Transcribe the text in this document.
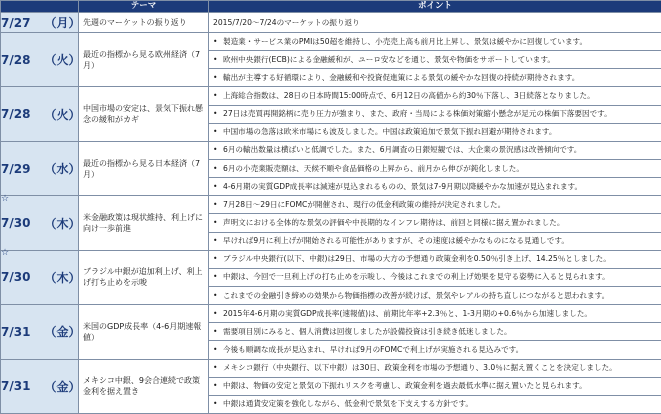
	テーマ	ポイント

7/27 （月）	先週のマーケットの振り返り	2015/7/20～7/24のマーケットの振り返り

7/28 （火）	最近の指標から見る欧州経済（7月）	• 製造業・サービス業のPMIは50超を維持し、小売売上高も前月比上昇し、景気は緩やかに回復しています。
		• 欧州中央銀行(ECB)による金融緩和が、ユーロ安などを通じ、景気や物価をサポートしています。
		• 輸出が主導する好循環により、金融緩和や投資促進策による景気の緩やかな回復の持続が期待されます。

7/28 （火）	中国市場の安定は、景気下振れ懸念の緩和がカギ	• 上海総合指数は、28日の日本時間15:00時点で、6月12日の高値から約30％下落し、3日続落となりました。
		• 27日は売買再開銘柄に売り圧力が強まり、また、政府・当局による株価対策縮小懸念が足元の株価下落要因です。
		• 中国市場の急落は欧米市場にも波及しました。中国は政策追加で景気下振れ回避が期待されます。

7/29 （水）	最近の指標から見る日本経済（7月）	• 6月の輸出数量は横ばいと低調でした。また、6月調査の日銀短観では、大企業の景況感は改善傾向です。
		• 6月の小売業販売額は、天候不順や食品価格の上昇から、前月から伸びが鈍化しました。
		• 4-6月期の実質GDP成長率は減速が見込まれるものの、景気は7-9月期以降緩やかな加速が見込まれます。

☆
7/30 （木）	米金融政策は現状維持、利上げに向け一歩前進	• 7月28日～29日にFOMCが開催され、現行の低金利政策の維持が決定されました。
		• 声明文における全体的な景気の評価や中長期的なインフレ期待は、前回と同様に据え置かれました。
		• 早ければ9月に利上げが開始される可能性がありますが、その速度は緩やかなものになる見通しです。

☆
7/30 （木）	ブラジル中銀が追加利上げ、利上げ打ち止めを示唆	• ブラジル中央銀行(以下、中銀)は29日、市場の大方の予想通り政策金利を0.50％引き上げ、14.25％としました。
		• 中銀は、今回で一旦利上げの打ち止めを示唆し、今後はこれまでの利上げ効果を見守る姿勢に入ると見られます。
		• これまでの金融引き締めの効果から物価指標の改善が続けば、景気やレアルの持ち直しにつながると思われます。

7/31 （金）	米国のGDP成長率（4-6月期速報値）	• 2015年4-6月期の実質GDP成長率(速報値)は、前期比年率+2.3％と、1-3月期の+0.6％から加速しました。
		• 需要項目別にみると、個人消費は回復しましたが設備投資は引き続き低迷しました。
		• 今後も順調な成長が見込まれ、早ければ9月のFOMCで利上げが実施される見込みです。

7/31 （金）	メキシコ中銀、9会合連続で政策金利を据え置き	• メキシコ銀行（中央銀行、以下中銀）は30日、政策金利を市場の予想通り、3.0％に据え置くことを決定しました。
		• 中銀は、物価の安定と景気の下振れリスクを考慮し、政策金利を過去最低水準に据え置いたと見られます。
		• 中銀は通貨安定策を強化しながら、低金利で景気を下支えする方針です。
